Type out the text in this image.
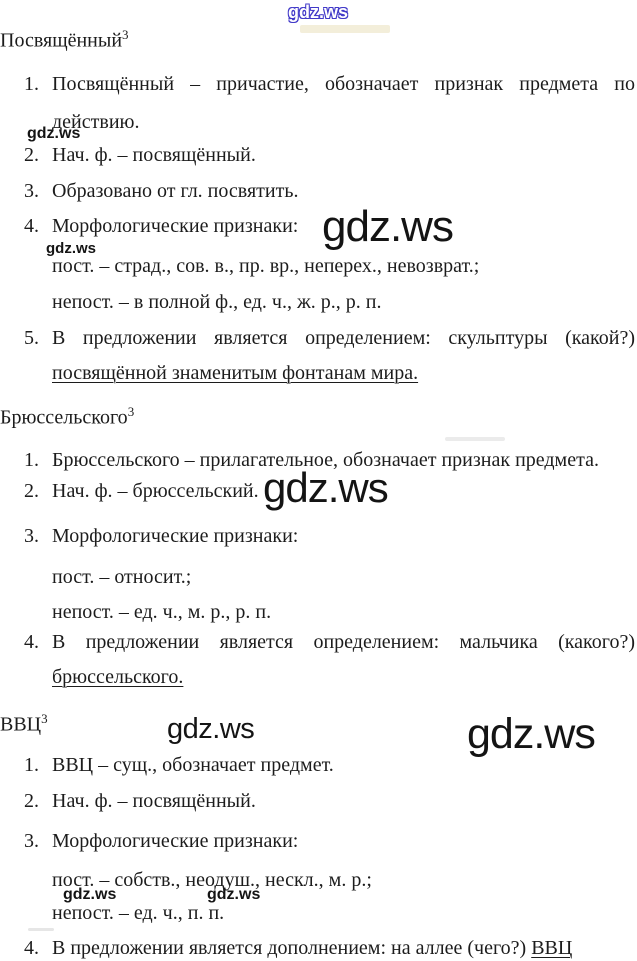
gdz.ws
gdz.ws
gdz.ws
gdz.ws
gdz.ws
gdz.ws	gdz.ws
gdz.ws	gdz.ws
Посвящённый$^3$
1. Посвящённый – причастие, обозначает признак предмета по
действию.
2. Нач. ф. – посвящённый.
3. Образовано от гл. посвятить.
4. Морфологические признаки:
пост. – страд., сов. в., пр. вр., неперех., невозврат.;
непост. – в полной ф., ед. ч., ж. р., р. п.
5. В предложении является определением: скульптуры (какой?)
посвящённой знаменитым фонтанам мира.
Брюссельского$^3$
1. Брюссельского – прилагательное, обозначает признак предмета.
2. Нач. ф. – брюссельский.
3. Морфологические признаки:
пост. – относит.;
непост. – ед. ч., м. р., р. п.
4. В предложении является определением: мальчика (какого?)
брюссельского.
ВВЦ$^3$
1. ВВЦ – сущ., обозначает предмет.
2. Нач. ф. – посвящённый.
3. Морфологические признаки:
пост. – собств., неодуш., нескл., м. р.;
непост. – ед. ч., п. п.
4. В предложении является дополнением: на аллее (чего?) ВВЦ
